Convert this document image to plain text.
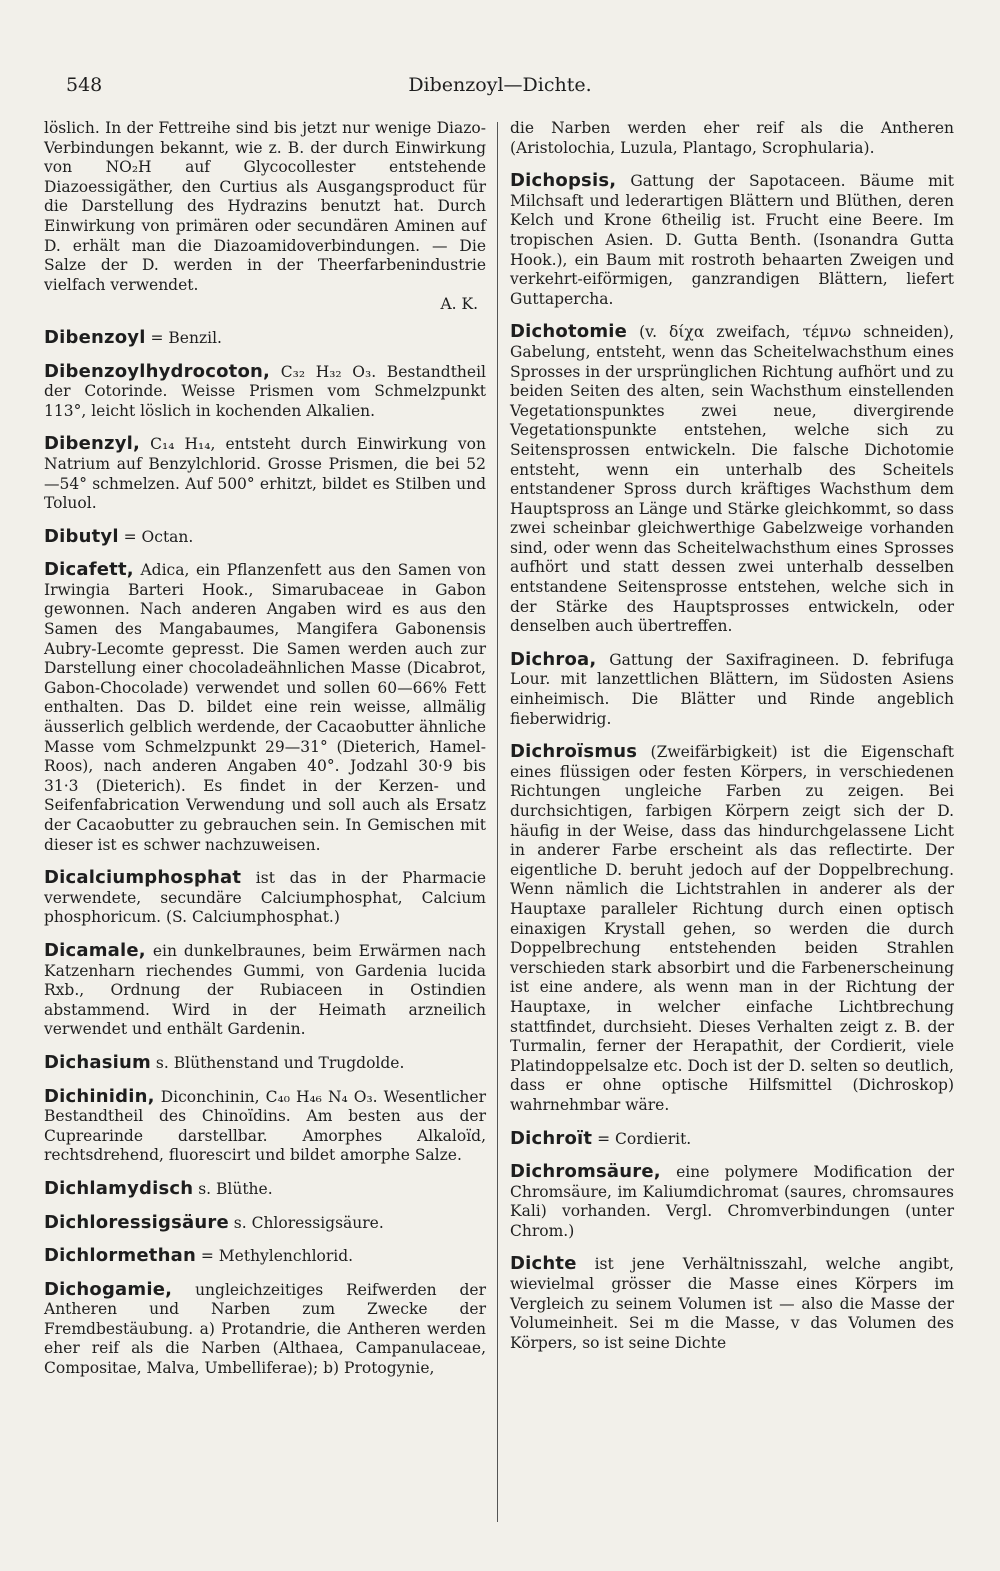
548	Dibenzoyl—Dichte.

löslich. In der Fettreihe sind bis jetzt nur wenige Diazo-Verbindungen bekannt, wie z. B. der durch Einwirkung von NO₂H auf Glycocollester entstehende Diazoessigäther, den Curtius als Ausgangsproduct für die Darstellung des Hydrazins benutzt hat. Durch Einwirkung von primären oder secundären Aminen auf D. erhält man die Diazoamidoverbindungen. — Die Salze der D. werden in der Theerfarbenindustrie vielfach verwendet.
A. K.

Dibenzoyl = Benzil.

Dibenzoylhydrocoton, C₃₂ H₃₂ O₃. Bestandtheil der Cotorinde. Weisse Prismen vom Schmelzpunkt 113°, leicht löslich in kochenden Alkalien.

Dibenzyl, C₁₄ H₁₄, entsteht durch Einwirkung von Natrium auf Benzylchlorid. Grosse Prismen, die bei 52—54° schmelzen. Auf 500° erhitzt, bildet es Stilben und Toluol.

Dibutyl = Octan.

Dicafett, Adica, ein Pflanzenfett aus den Samen von Irwingia Barteri Hook., Simarubaceae in Gabon gewonnen. Nach anderen Angaben wird es aus den Samen des Mangabaumes, Mangifera Gabonensis Aubry-Lecomte gepresst. Die Samen werden auch zur Darstellung einer chocoladeähnlichen Masse (Dicabrot, Gabon-Chocolade) verwendet und sollen 60—66% Fett enthalten. Das D. bildet eine rein weisse, allmälig äusserlich gelblich werdende, der Cacaobutter ähnliche Masse vom Schmelzpunkt 29—31° (Dieterich, Hamel-Roos), nach anderen Angaben 40°. Jodzahl 30·9 bis 31·3 (Dieterich). Es findet in der Kerzen- und Seifenfabrication Verwendung und soll auch als Ersatz der Cacaobutter zu gebrauchen sein. In Gemischen mit dieser ist es schwer nachzuweisen.

Dicalciumphosphat ist das in der Pharmacie verwendete, secundäre Calciumphosphat, Calcium phosphoricum. (S. Calciumphosphat.)

Dicamale, ein dunkelbraunes, beim Erwärmen nach Katzenharn riechendes Gummi, von Gardenia lucida Rxb., Ordnung der Rubiaceen in Ostindien abstammend. Wird in der Heimath arzneilich verwendet und enthält Gardenin.

Dichasium s. Blüthenstand und Trugdolde.

Dichinidin, Diconchinin, C₄₀ H₄₆ N₄ O₃. Wesentlicher Bestandtheil des Chinoïdins. Am besten aus der Cuprearinde darstellbar. Amorphes Alkaloïd, rechtsdrehend, fluorescirt und bildet amorphe Salze.

Dichlamydisch s. Blüthe.

Dichloressigsäure s. Chloressigsäure.

Dichlormethan = Methylenchlorid.

Dichogamie, ungleichzeitiges Reifwerden der Antheren und Narben zum Zwecke der Fremdbestäubung. a) Protandrie, die Antheren werden eher reif als die Narben (Althaea, Campanulaceae, Compositae, Malva, Umbelliferae); b) Protogynie,

die Narben werden eher reif als die Antheren (Aristolochia, Luzula, Plantago, Scrophularia).

Dichopsis, Gattung der Sapotaceen. Bäume mit Milchsaft und lederartigen Blättern und Blüthen, deren Kelch und Krone 6theilig ist. Frucht eine Beere. Im tropischen Asien. D. Gutta Benth. (Isonandra Gutta Hook.), ein Baum mit rostroth behaarten Zweigen und verkehrt-eiförmigen, ganzrandigen Blättern, liefert Guttapercha.

Dichotomie (v. δίχα zweifach, τέμνω schneiden), Gabelung, entsteht, wenn das Scheitelwachsthum eines Sprosses in der ursprünglichen Richtung aufhört und zu beiden Seiten des alten, sein Wachsthum einstellenden Vegetationspunktes zwei neue, divergirende Vegetationspunkte entstehen, welche sich zu Seitensprossen entwickeln. Die falsche Dichotomie entsteht, wenn ein unterhalb des Scheitels entstandener Spross durch kräftiges Wachsthum dem Hauptspross an Länge und Stärke gleichkommt, so dass zwei scheinbar gleichwerthige Gabelzweige vorhanden sind, oder wenn das Scheitelwachsthum eines Sprosses aufhört und statt dessen zwei unterhalb desselben entstandene Seitensprosse entstehen, welche sich in der Stärke des Hauptsprosses entwickeln, oder denselben auch übertreffen.

Dichroa, Gattung der Saxifragineen. D. febrifuga Lour. mit lanzettlichen Blättern, im Südosten Asiens einheimisch. Die Blätter und Rinde angeblich fieberwidrig.

Dichroïsmus (Zweifärbigkeit) ist die Eigenschaft eines flüssigen oder festen Körpers, in verschiedenen Richtungen ungleiche Farben zu zeigen. Bei durchsichtigen, farbigen Körpern zeigt sich der D. häufig in der Weise, dass das hindurchgelassene Licht in anderer Farbe erscheint als das reflectirte. Der eigentliche D. beruht jedoch auf der Doppelbrechung. Wenn nämlich die Lichtstrahlen in anderer als der Hauptaxe paralleler Richtung durch einen optisch einaxigen Krystall gehen, so werden die durch Doppelbrechung entstehenden beiden Strahlen verschieden stark absorbirt und die Farbenerscheinung ist eine andere, als wenn man in der Richtung der Hauptaxe, in welcher einfache Lichtbrechung stattfindet, durchsieht. Dieses Verhalten zeigt z. B. der Turmalin, ferner der Herapathit, der Cordierit, viele Platindoppelsalze etc. Doch ist der D. selten so deutlich, dass er ohne optische Hilfsmittel (Dichroskop) wahrnehmbar wäre.

Dichroït = Cordierit.

Dichromsäure, eine polymere Modification der Chromsäure, im Kaliumdichromat (saures, chromsaures Kali) vorhanden. Vergl. Chromverbindungen (unter Chrom.)

Dichte ist jene Verhältnisszahl, welche angibt, wievielmal grösser die Masse eines Körpers im Vergleich zu seinem Volumen ist — also die Masse der Volumeinheit. Sei m die Masse, v das Volumen des Körpers, so ist seine Dichte
